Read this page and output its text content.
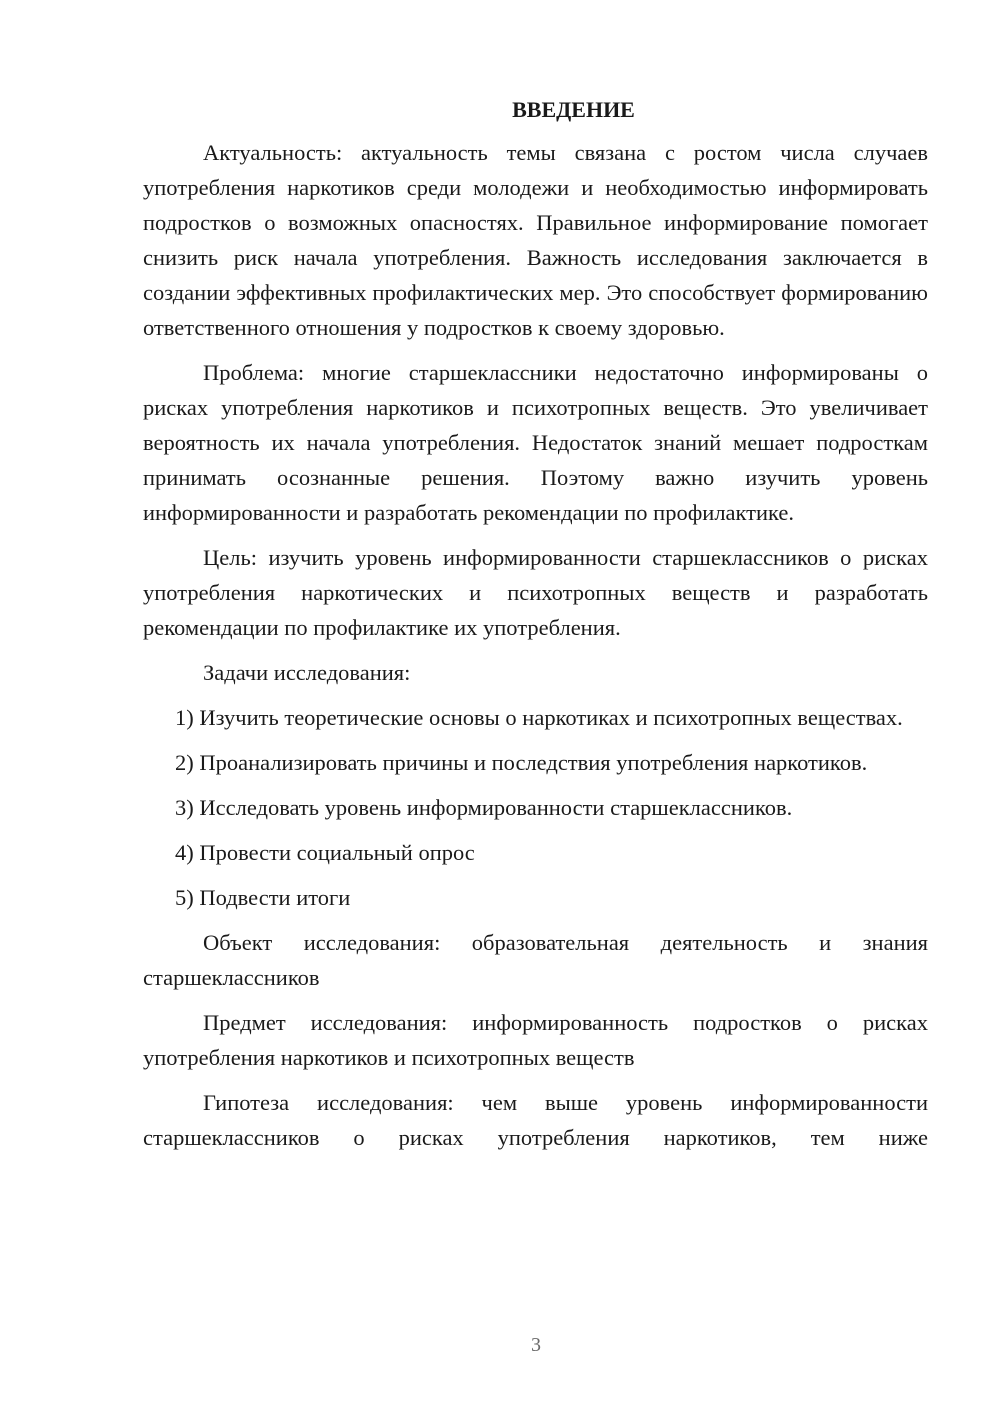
ВВЕДЕНИЕ

Актуальность: актуальность темы связана с ростом числа случаев употребления наркотиков среди молодежи и необходимостью информировать подростков о возможных опасностях. Правильное информирование помогает снизить риск начала употребления. Важность исследования заключается в создании эффективных профилактических мер. Это способствует формированию ответственного отношения у подростков к своему здоровью.

Проблема: многие старшеклассники недостаточно информированы о рисках употребления наркотиков и психотропных веществ. Это увеличивает вероятность их начала употребления. Недостаток знаний мешает подросткам принимать осознанные решения. Поэтому важно изучить уровень информированности и разработать рекомендации по профилактике.

Цель: изучить уровень информированности старшеклассников о рисках употребления наркотических и психотропных веществ и разработать рекомендации по профилактике их употребления.

Задачи исследования:

1) Изучить теоретические основы о наркотиках и психотропных веществах.

2) Проанализировать причины и последствия употребления наркотиков.

3) Исследовать уровень информированности старшеклассников.

4) Провести социальный опрос

5) Подвести итоги

Объект исследования: образовательная деятельность и знания старшеклассников

Предмет исследования: информированность подростков о рисках употребления наркотиков и психотропных веществ

Гипотеза исследования: чем выше уровень информированности старшеклассников о рисках употребления наркотиков, тем ниже

3
